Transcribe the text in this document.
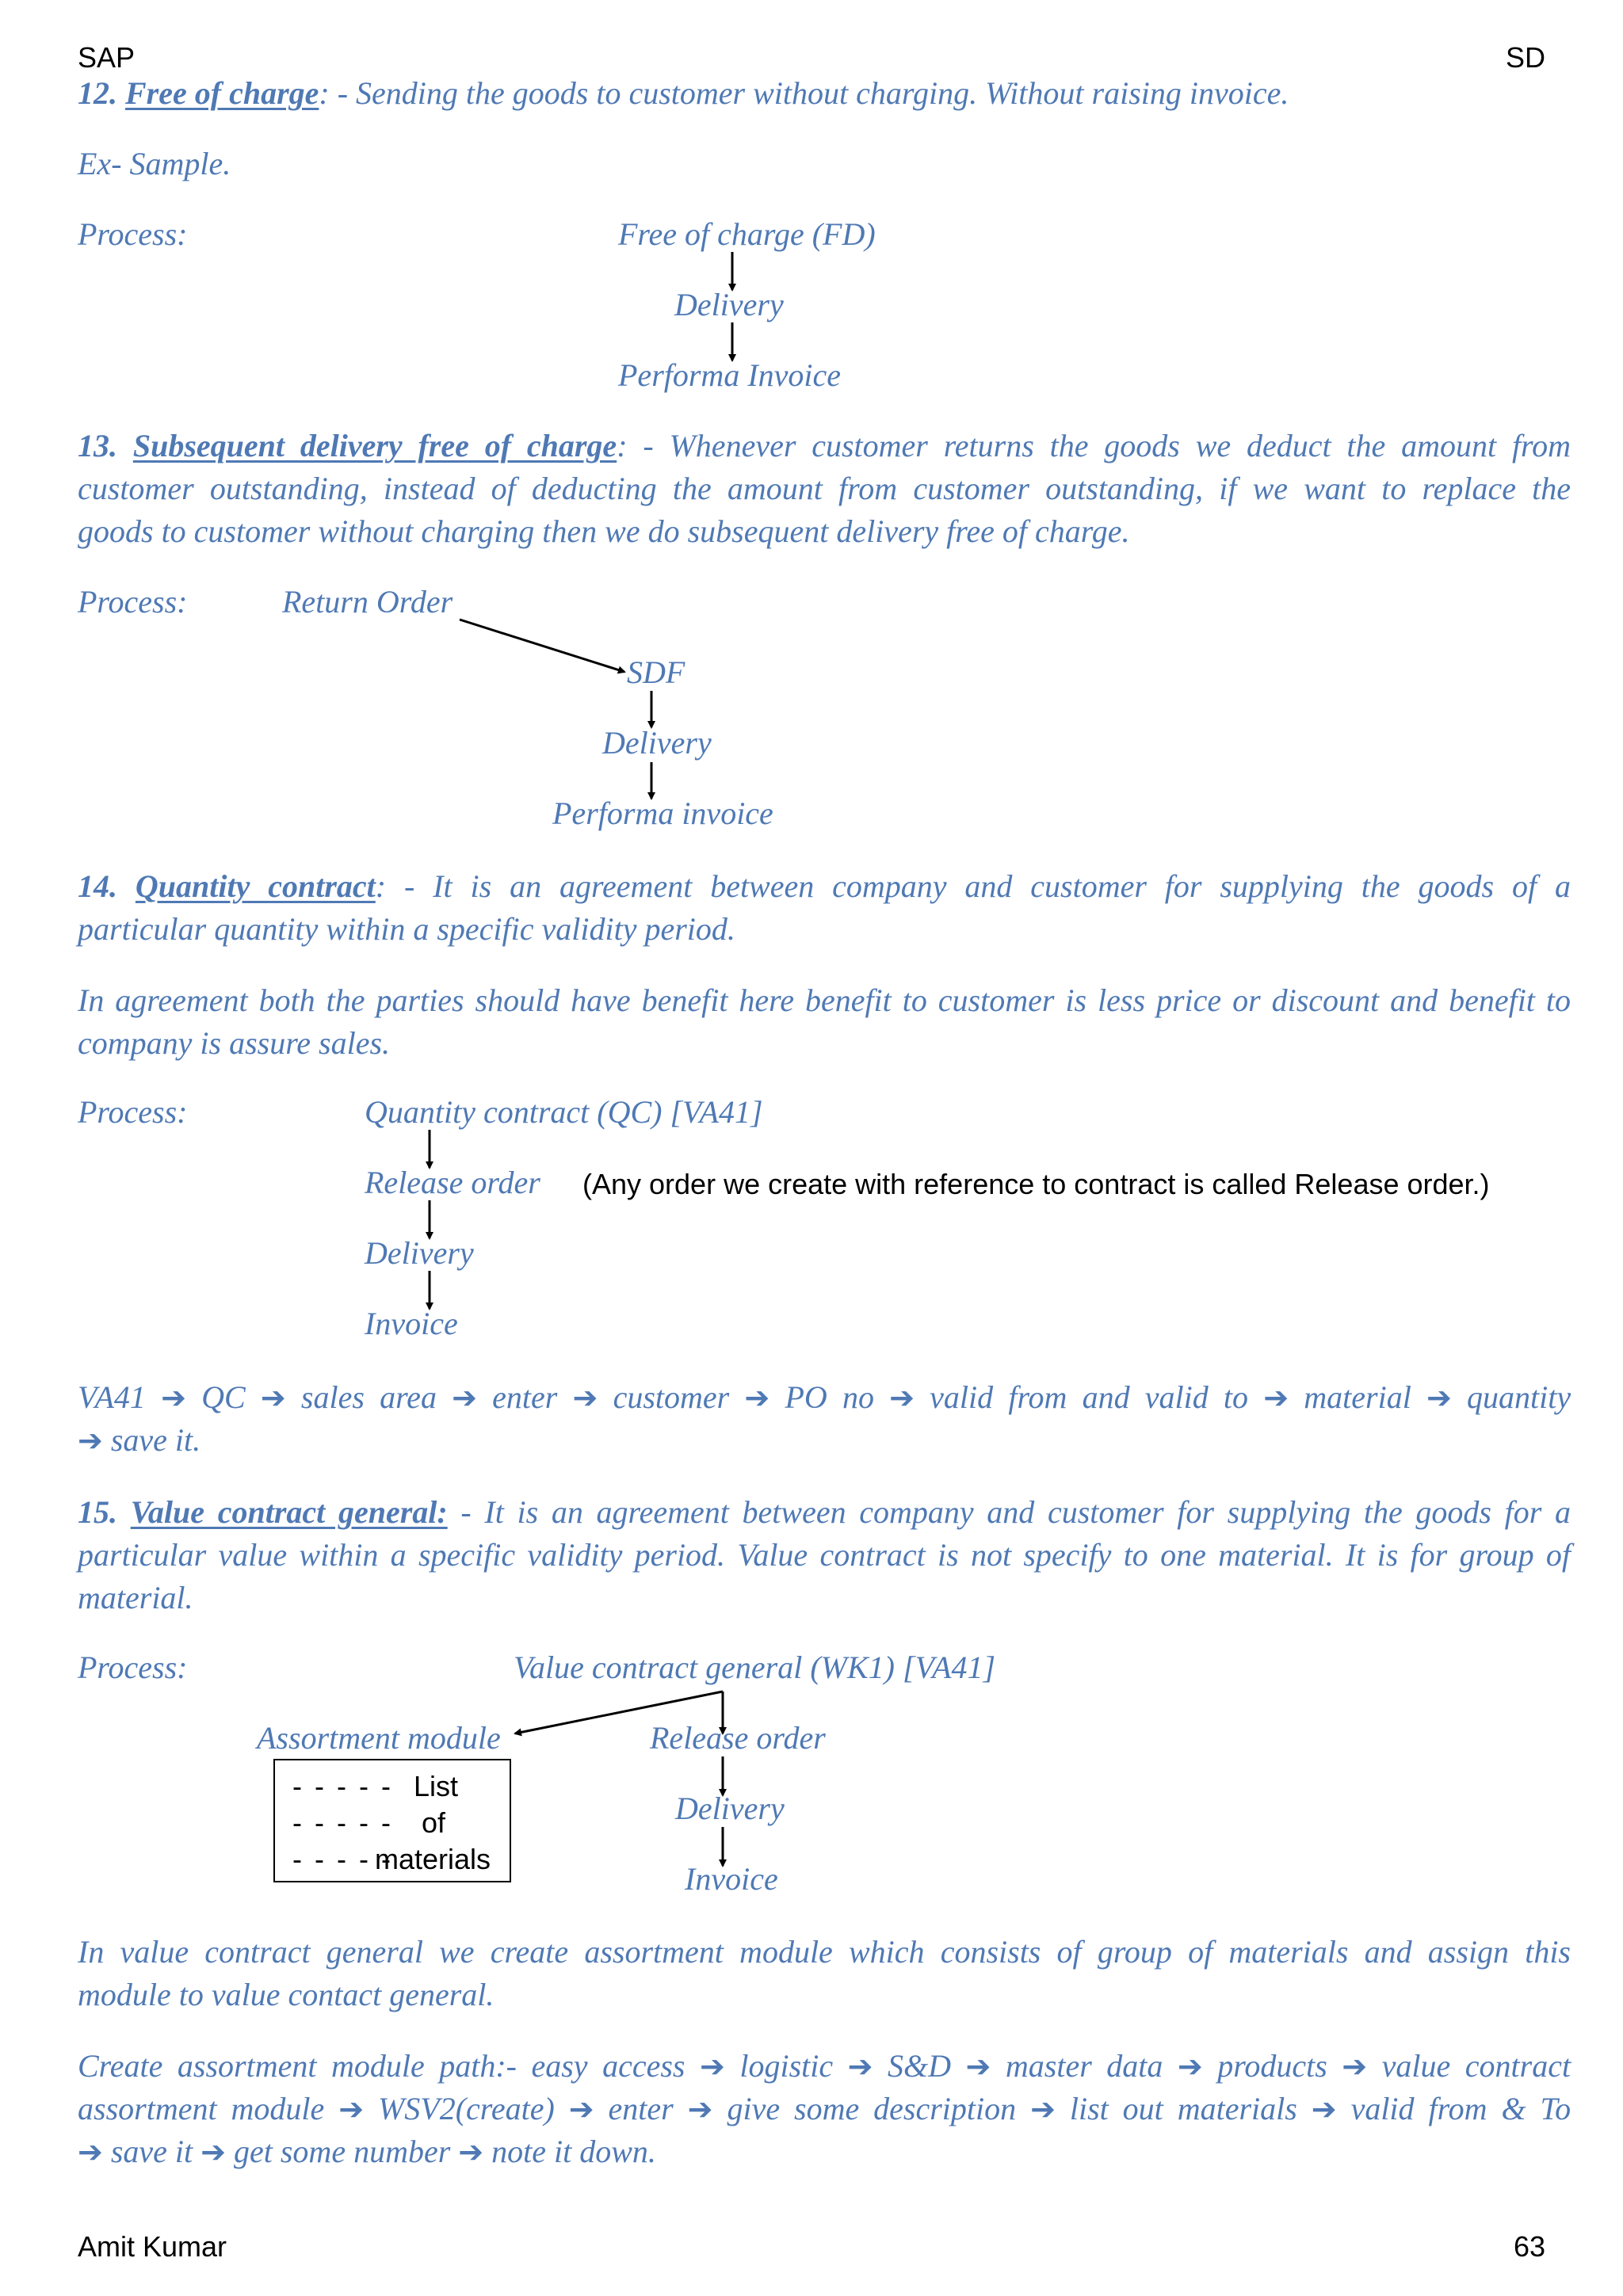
SAP	SD
Amit Kumar	63
12. Free of charge: - Sending the goods to customer without charging. Without raising invoice.
Ex- Sample.
Process:	Free of charge (FD)
Delivery
Performa Invoice
13. Subsequent delivery free of charge: - Whenever customer returns the goods we deduct the amount from
customer outstanding, instead of deducting the amount from customer outstanding, if we want to replace the
goods to customer without charging then we do subsequent delivery free of charge.
Process:	Return Order
SDF
Delivery
Performa invoice
14. Quantity contract: - It is an agreement between company and customer for supplying the goods of a
particular quantity within a specific validity period.
In agreement both the parties should have benefit here benefit to customer is less price or discount and benefit to
company is assure sales.
Process:	Quantity contract (QC) [VA41]
Release order (Any order we create with reference to contract is called Release order.)
Delivery
Invoice
VA41 ➔ QC ➔ sales area ➔ enter ➔ customer ➔ PO no ➔ valid from and valid to ➔ material ➔ quantity
➔ save it.
15. Value contract general: - It is an agreement between company and customer for supplying the goods for a
particular value within a specific validity period. Value contract is not specify to one material. It is for group of
material.
Process:	Value contract general (WK1) [VA41]
Assortment module	Release order
Delivery
Invoice
- - - - - List
- - - - - of
- - - - -
materials
In value contract general we create assortment module which consists of group of materials and assign this
module to value contact general.
Create assortment module path:- easy access ➔ logistic ➔ S&D ➔ master data ➔ products ➔ value contract
assortment module ➔ WSV2(create) ➔ enter ➔ give some description ➔ list out materials ➔ valid from & To
➔ save it ➔ get some number ➔ note it down.
